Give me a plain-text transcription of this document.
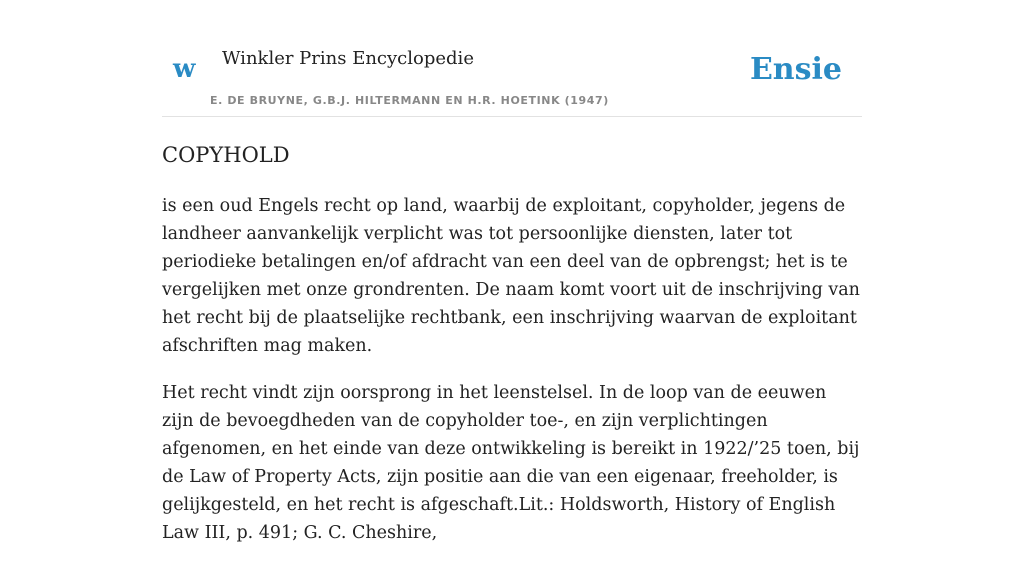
w Winkler Prins Encyclopedie
E. DE BRUYNE, G.B.J. HILTERMANN EN H.R. HOETINK (1947)
Ensie
COPYHOLD

is een oud Engels recht op land, waarbij de exploitant, copyholder, jegens de landheer aanvankelijk verplicht was tot persoonlijke diensten, later tot periodieke betalingen en/of afdracht van een deel van de opbrengst; het is te vergelijken met onze grondrenten. De naam komt voort uit de inschrijving van het recht bij de plaatselijke rechtbank, een inschrijving waarvan de exploitant afschriften mag maken.

Het recht vindt zijn oorsprong in het leenstelsel. In de loop van de eeuwen zijn de bevoegdheden van de copyholder toe-, en zijn verplichtingen afgenomen, en het einde van deze ontwikkeling is bereikt in 1922/’25 toen, bij de Law of Property Acts, zijn positie aan die van een eigenaar, freeholder, is gelijkgesteld, en het recht is afgeschaft.Lit.: Holdsworth, History of English Law III, p. 491; G. C. Cheshire,
